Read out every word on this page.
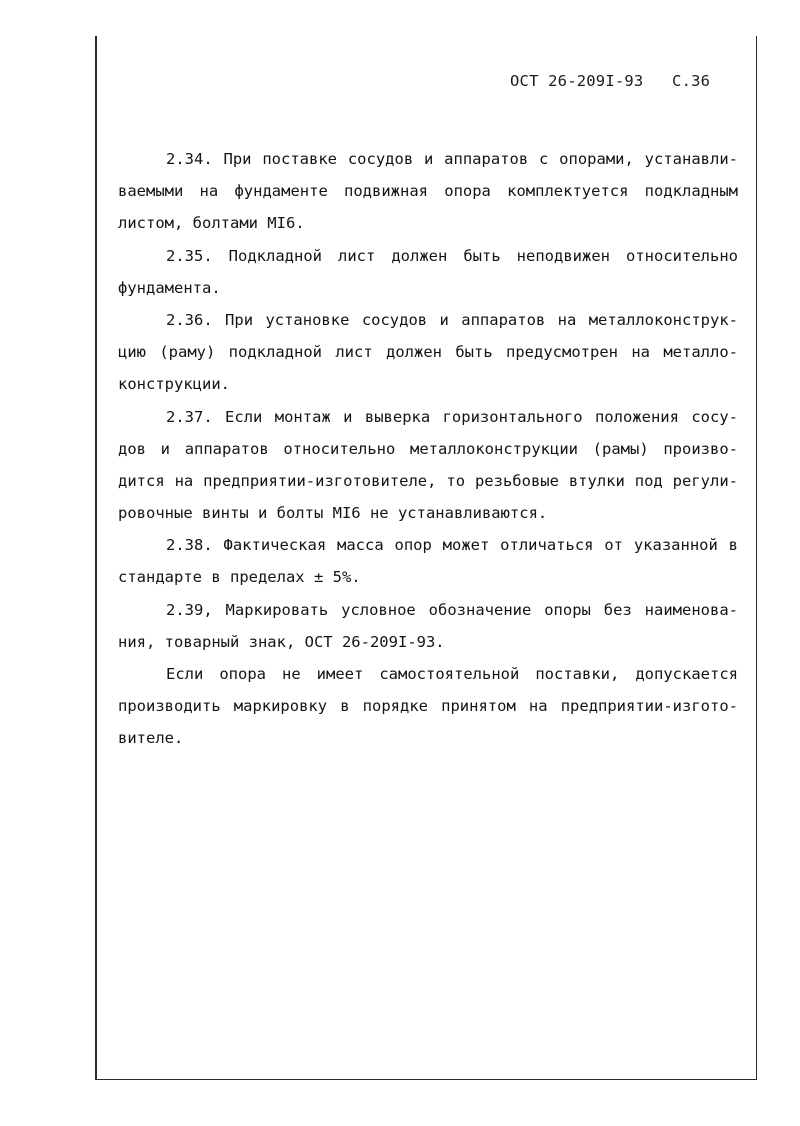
ОСТ 26-209I-93   С.36
2.34. При поставке сосудов и аппаратов с опорами, устанавли-
ваемыми на фундаменте подвижная опора комплектуется подкладным
листом, болтами МI6.
2.35. Подкладной лист должен быть неподвижен относительно
фундамента.
2.36. При установке сосудов и аппаратов на металлоконструк-
цию (раму) подкладной лист должен быть предусмотрен на металло-
конструкции.
2.37. Если монтаж и выверка горизонтального положения сосу-
дов и аппаратов относительно металлоконструкции (рамы) произво-
дится на предприятии-изготовителе, то резьбовые втулки под регули-
ровочные винты и болты МI6 не устанавливаются.
2.38. Фактическая масса опор может отличаться от указанной в
стандарте в пределах ± 5%.
2.39, Маркировать условное обозначение опоры без наименова-
ния, товарный знак, ОСТ 26-209I-93.
Если опора не имеет самостоятельной поставки, допускается
производить маркировку в порядке принятом на предприятии-изгото-
вителе.
